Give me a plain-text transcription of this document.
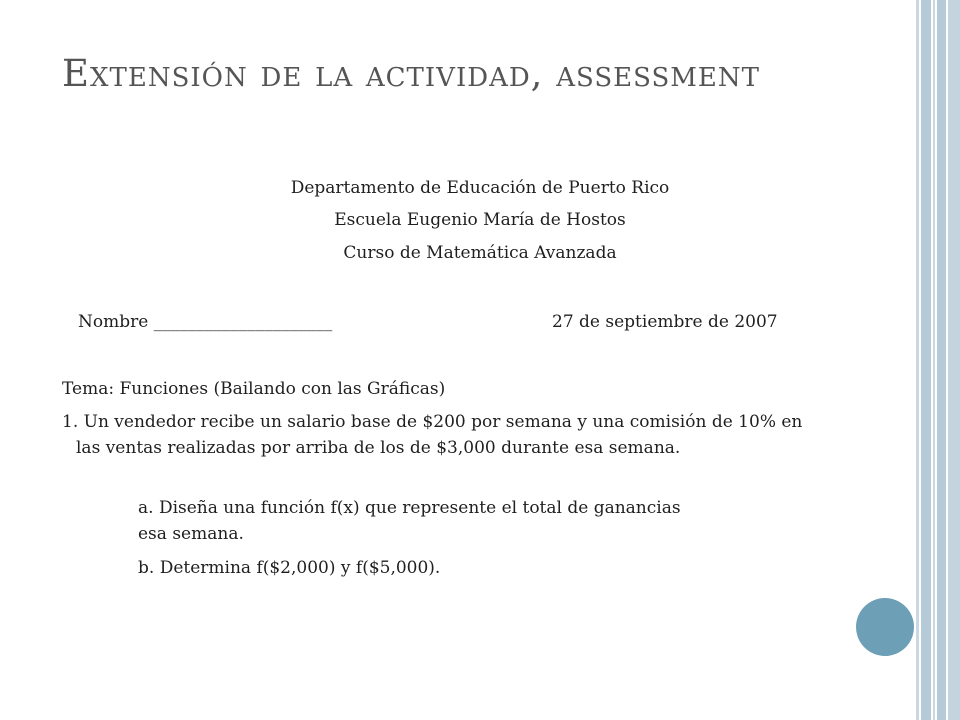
Extensión de la actividad, assessment

Departamento de Educación de Puerto Rico

Escuela Eugenio María de Hostos

Curso de Matemática Avanzada

Nombre _____________________	27 de septiembre de 2007

Tema: Funciones (Bailando con las Gráficas)

1. Un vendedor recibe un salario base de $200 por semana y una comisión de 10% en las ventas realizadas por arriba de los de $3,000 durante esa semana.

a. Diseña una función f(x) que represente el total de ganancias esa semana.

b. Determina f($2,000) y f($5,000).
